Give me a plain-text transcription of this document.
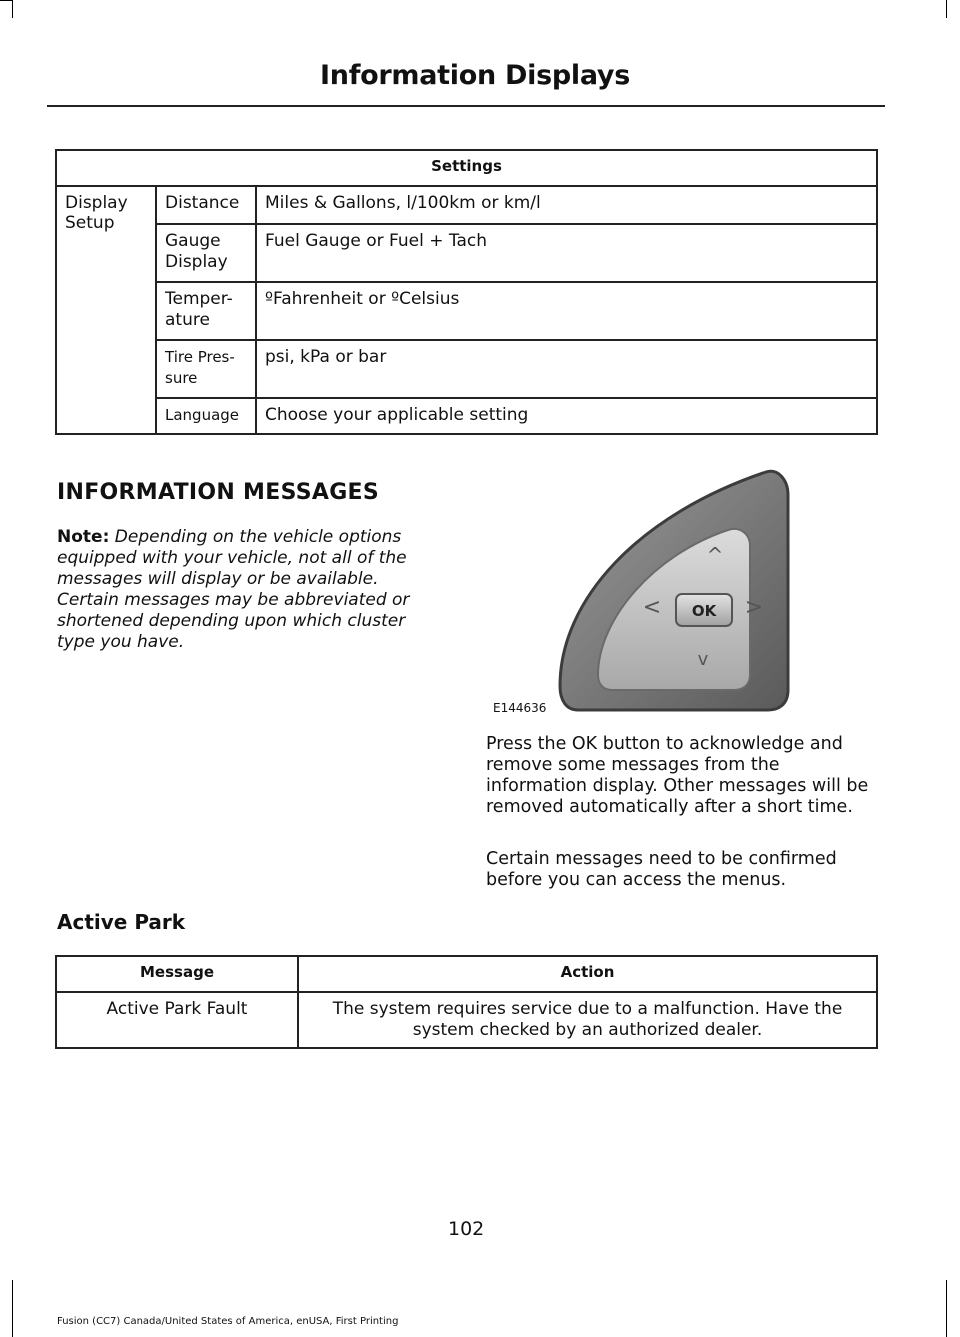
Information Displays
Settings		
Display Setup	Distance	Miles & Gallons, l/100km or km/l
	Gauge Display	Fuel Gauge or Fuel + Tach
	Temper- ature	ºFahrenheit or ºCelsius
	Tire Pres- sure	psi, kPa or bar
	Language	Choose your applicable setting
INFORMATION MESSAGES
Note: Depending on the vehicle options equipped with your vehicle, not all of the messages will display or be available. Certain messages may be abbreviated or shortened depending upon which cluster type you have.
^
<	>
v
OK
E144636
Press the OK button to acknowledge and remove some messages from the information display. Other messages will be removed automatically after a short time.
Certain messages need to be confirmed before you can access the menus.
Active Park
Message	Action
Active Park Fault	The system requires service due to a malfunction. Have the system checked by an authorized dealer.
102
Fusion (CC7) Canada/United States of America, enUSA, First Printing
